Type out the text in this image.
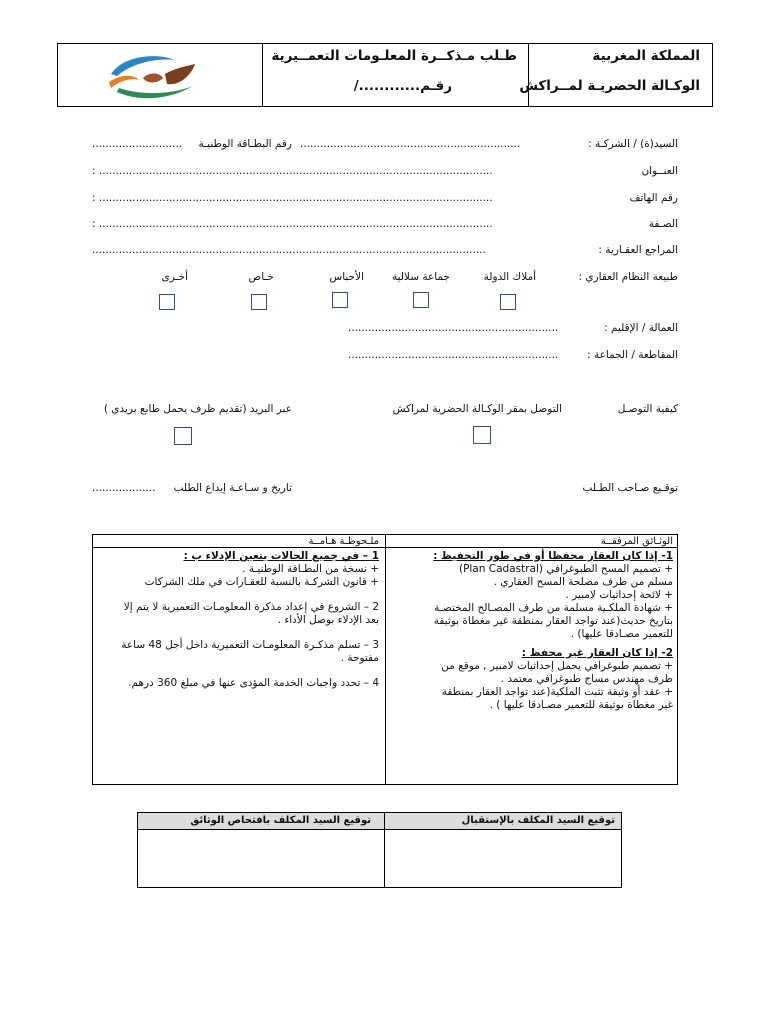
المملكة المغربية
الوكـالة الحضريـة لمــراكش
طـلب مـذكــرة المعلـومات التعمــيرية
رقـم............/
السيد(ة) / الشركـة :
..................................................................
رقم البطـاقة الوطنيـة
...........................
العنــوان
: ......................................................................................................................
رقم الهاتف
: ......................................................................................................................
الصـفة
: ......................................................................................................................
المراجع العقـارية :
......................................................................................................................
طبيعة النظام العقاري :
أملاك الدولة
جماعة سلالية
الأحباس
خـاص
أخـرى
العمالة / الإقليم :
...............................................................
المقاطعة / الجماعة :
...............................................................
كيفية التوصـل
التوصل بمقر الوكـالة الحضرية لمراكش
عبر البريد (تقديم ظرف يحمل طابع بريدي )
توقـيع صـاحب الطـلب
تاريخ و سـاعـة إيداع الطلب
...................
الوثـائق المرفقــة
ملـحوظـة هـامــة

1- إذا كان العقار محفظا أو في طور التحفيظ :

+ تصميم المسح الطبوغرافي (Plan Cadastral)

مسلم من طرف مصلحة المسح العقاري .

+ لائحة إحداثيات لامبير .

+ شهادة الملكـية مسلمة من طرف المصـالح المختصـة

بتاريخ حديث(عند تواجد العقار بمنطقة غير مغطاة بوثيقة

للتعمير مصـادقا عليها) .

2- إذا كان العقار غير محفظ :

+ تصميم طبوغرافي يحمل إحداثيات لامبير , موقع من

طرف مهندس مساح طبوغرافي معتمد .

+ عقد أو وثيقة تثبت الملكية(عند تواجد العقار بمنطقة

غير مغطاة بوثيقة للتعمير مصـادقا عليها ) .

1 – في جميع الحالات يتعين الإدلاء ب :

+ نسخة من البطـاقة الوطنيـة .

+ قانون الشركـة بالنسبة للعقـارات في ملك الشركات

2 – الشروع في إعداد مذكرة المعلومـات التعميرية لا يتم إلا

بعد الإدلاء بوصل الأداء .

3 – تسلم مذكـرة المعلومـات التعميرية داخل أجل 48 ساعة

مفتوحة .

4 – تحدد واجبات الخدمة المؤدى عنها في مبلغ 360 درهم.

توقيع السيد المكلف بالإستقبال
توقيع السيد المكلف بافتحاص الوثائق
